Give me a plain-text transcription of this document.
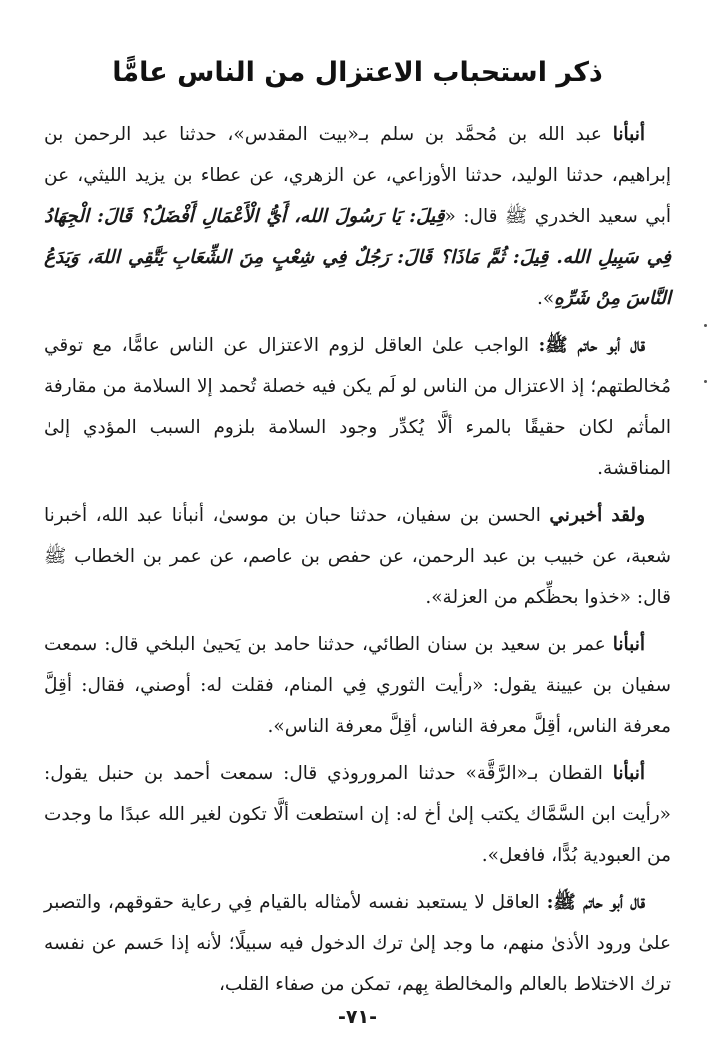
ذكر استحباب الاعتزال من الناس عامًّا

أنبأنا عبد الله بن مُحمَّد بن سلم بـ«بيت المقدس»، حدثنا عبد الرحمن بن إبراهيم، حدثنا الوليد، حدثنا الأوزاعي، عن الزهري، عن عطاء بن يزيد الليثي، عن أبي سعيد الخدري ﷺ قال: «قِيلَ: يَا رَسُولَ الله، أَيُّ الْأَعْمَالِ أَفْضَلُ؟ قَالَ: الْجِهَادُ فِي سَبِيلِ الله. قِيلَ: ثُمَّ مَاذَا؟ قَالَ: رَجُلٌ فِي شِعْبٍ مِنَ الشِّعَابِ يَتَّقِي اللهَ، وَيَدَعُ النَّاسَ مِنْ شَرِّهِ».

قال أبو حاتم ﷺ: الواجب علىٰ العاقل لزوم الاعتزال عن الناس عامًّا، مع توقي مُخالطتهم؛ إذ الاعتزال من الناس لو لَم يكن فيه خصلة تُحمد إلا السلامة من مقارفة المأثم لكان حقيقًا بالمرء ألَّا يُكدِّر وجود السلامة بلزوم السبب المؤدي إلىٰ المناقشة.

ولقد أخبرني الحسن بن سفيان، حدثنا حبان بن موسىٰ، أنبأنا عبد الله، أخبرنا شعبة، عن خبيب بن عبد الرحمن، عن حفص بن عاصم، عن عمر بن الخطاب ﷺ قال: «خذوا بحظِّكم من العزلة».

أنبأنا عمر بن سعيد بن سنان الطائي، حدثنا حامد بن يَحيىٰ البلخي قال: سمعت سفيان بن عيينة يقول: «رأيت الثوري فِي المنام، فقلت له: أوصني، فقال: أقِلَّ معرفة الناس، أقِلَّ معرفة الناس، أقِلَّ معرفة الناس».

أنبأنا القطان بـ«الرَّقَّة» حدثنا المروروذي قال: سمعت أحمد بن حنبل يقول: «رأيت ابن السَّمَّاك يكتب إلىٰ أخ له: إن استطعت ألَّا تكون لغير الله عبدًا ما وجدت من العبودية بُدًّا، فافعل».

قال أبو حاتم ﷺ: العاقل لا يستعبد نفسه لأمثاله بالقيام فِي رعاية حقوقهم، والتصبر علىٰ ورود الأذىٰ منهم، ما وجد إلىٰ ترك الدخول فيه سبيلًا؛ لأنه إذا حَسم عن نفسه ترك الاختلاط بالعالم والمخالطة بِهم، تمكن من صفاء القلب،

-٧١-
